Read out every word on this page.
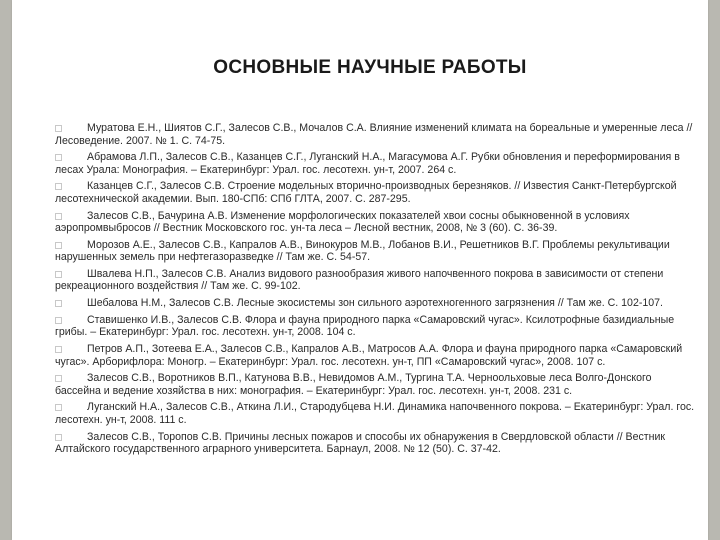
ОСНОВНЫЕ НАУЧНЫЕ РАБОТЫ
Муратова Е.Н., Шиятов С.Г., Залесов С.В., Мочалов С.А. Влияние изменений климата на бореальные и умеренные леса // Лесоведение. 2007. № 1. С. 74-75.
Абрамова Л.П., Залесов С.В., Казанцев С.Г., Луганский Н.А., Магасумова А.Г. Рубки обновления и переформирования в лесах Урала: Монография. – Екатеринбург: Урал. гос. лесотехн. ун-т, 2007. 264 с.
Казанцев С.Г., Залесов С.В. Строение модельных вторично-производных березняков. // Известия Санкт-Петербургской лесотехнической академии. Вып. 180-СПб: СПб ГЛТА, 2007. С. 287-295.
Залесов С.В., Бачурина А.В. Изменение морфологических показателей хвои сосны обыкновенной в условиях аэропромвыбросов // Вестник Московского гос. ун-та леса – Лесной вестник, 2008, № 3 (60). С. 36-39.
Морозов А.Е., Залесов С.В., Капралов А.В., Винокуров М.В., Лобанов В.И., Решетников В.Г. Проблемы рекультивации нарушенных земель при нефтегазоразведке // Там же. С. 54-57.
Швалева Н.П., Залесов С.В. Анализ видового разнообразия живого напочвенного покрова в зависимости от степени рекреационного воздействия // Там же. С. 99-102.
Шебалова Н.М., Залесов С.В. Лесные экосистемы зон сильного аэротехногенного загрязнения // Там же. С. 102-107.
Ставишенко И.В., Залесов С.В. Флора и фауна природного парка «Самаровский чугас». Ксилотрофные базидиальные грибы. – Екатеринбург: Урал. гос. лесотехн. ун-т, 2008. 104 с.
Петров А.П., Зотеева Е.А., Залесов С.В., Капралов А.В., Матросов А.А. Флора и фауна природного парка «Самаровский чугас». Арборифлора: Моногр. – Екатеринбург: Урал. гос. лесотехн. ун-т, ПП «Самаровский чугас», 2008. 107 с.
Залесов С.В., Воротников В.П., Катунова В.В., Невидомов А.М., Тургина Т.А. Черноольховые леса Волго-Донского бассейна и ведение хозяйства в них: монография. – Екатеринбург: Урал. гос. лесотехн. ун-т, 2008. 231 с.
Луганский Н.А., Залесов С.В., Аткина Л.И., Стародубцева Н.И. Динамика напочвенного покрова. – Екатеринбург: Урал. гос. лесотехн. ун-т, 2008. 111 с.
Залесов С.В., Торопов С.В. Причины лесных пожаров и способы их обнаружения в Свердловской области // Вестник Алтайского государственного аграрного университета. Барнаул, 2008. № 12 (50). С. 37-42.
